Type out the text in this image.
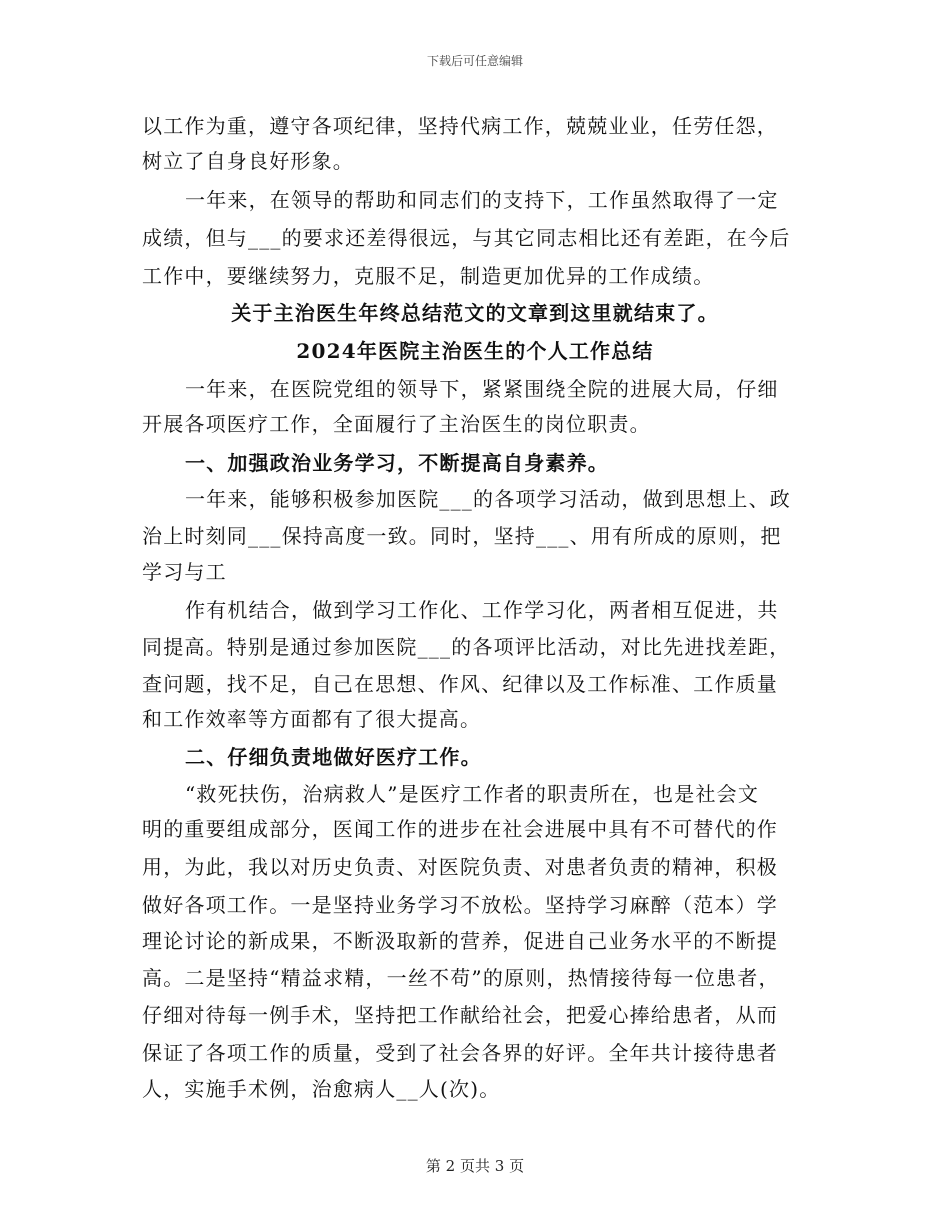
下载后可任意编辑
以工作为重，遵守各项纪律，坚持代病工作，兢兢业业，任劳任怨，
树立了自身良好形象。
一年来，在领导的帮助和同志们的支持下，工作虽然取得了一定
成绩，但与___的要求还差得很远，与其它同志相比还有差距，在今后
工作中，要继续努力，克服不足，制造更加优异的工作成绩。
关于主治医生年终总结范文的文章到这里就结束了。
2024年医院主治医生的个人工作总结
一年来，在医院党组的领导下，紧紧围绕全院的进展大局，仔细
开展各项医疗工作，全面履行了主治医生的岗位职责。
一、加强政治业务学习，不断提高自身素养。
一年来，能够积极参加医院___的各项学习活动，做到思想上、政
治上时刻同___保持高度一致。同时，坚持___、用有所成的原则，把
学习与工
作有机结合，做到学习工作化、工作学习化，两者相互促进，共
同提高。特别是通过参加医院___的各项评比活动，对比先进找差距，
查问题，找不足，自己在思想、作风、纪律以及工作标准、工作质量
和工作效率等方面都有了很大提高。
二、仔细负责地做好医疗工作。
“救死扶伤，治病救人”是医疗工作者的职责所在，也是社会文
明的重要组成部分，医闻工作的进步在社会进展中具有不可替代的作
用，为此，我以对历史负责、对医院负责、对患者负责的精神，积极
做好各项工作。一是坚持业务学习不放松。坚持学习麻醉（范本）学
理论讨论的新成果，不断汲取新的营养，促进自己业务水平的不断提
高。二是坚持“精益求精，一丝不苟”的原则，热情接待每一位患者，
仔细对待每一例手术，坚持把工作献给社会，把爱心捧给患者，从而
保证了各项工作的质量，受到了社会各界的好评。全年共计接待患者
人，实施手术例，治愈病人__人(次)。
第 2 页共 3 页
